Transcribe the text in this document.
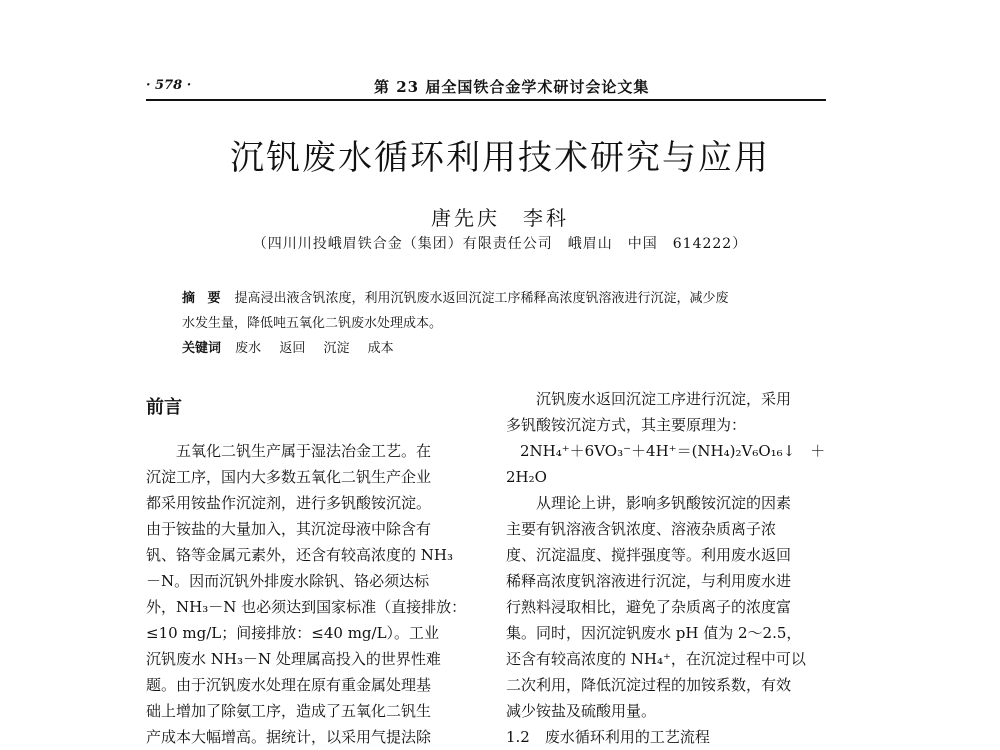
· 578 ·	第 23 届全国铁合金学术研讨会论文集
沉钒废水循环利用技术研究与应用
唐先庆　李科
（四川川投峨眉铁合金（集团）有限责任公司　峨眉山　中国　614222）
摘 要 提高浸出液含钒浓度，利用沉钒废水返回沉淀工序稀释高浓度钒溶液进行沉淀，减少废
水发生量，降低吨五氧化二钒废水处理成本。
关键词 废水 返回 沉淀 成本
前言
　　五氧化二钒生产属于湿法冶金工艺。在
沉淀工序，国内大多数五氧化二钒生产企业
都采用铵盐作沉淀剂，进行多钒酸铵沉淀。
由于铵盐的大量加入，其沉淀母液中除含有
钒、铬等金属元素外，还含有较高浓度的 NH₃
－N。因而沉钒外排废水除钒、铬必须达标
外，NH₃－N 也必须达到国家标准（直接排放：
≤10 mg/L；间接排放：≤40 mg/L）。工业
沉钒废水 NH₃－N 处理属高投入的世界性难
题。由于沉钒废水处理在原有重金属处理基
础上增加了除氨工序，造成了五氧化二钒生
产成本大幅增高。据统计，以采用气提法除
　　沉钒废水返回沉淀工序进行沉淀，采用
多钒酸铵沉淀方式，其主要原理为：
2NH₄⁺＋6VO₃⁻＋4H⁺＝(NH₄)₂V₆O₁₆↓　＋
2H₂O
　　从理论上讲，影响多钒酸铵沉淀的因素
主要有钒溶液含钒浓度、溶液杂质离子浓
度、沉淀温度、搅拌强度等。利用废水返回
稀释高浓度钒溶液进行沉淀，与利用废水进
行熟料浸取相比，避免了杂质离子的浓度富
集。同时，因沉淀钒废水 pH 值为 2～2.5，
还含有较高浓度的 NH₄⁺，在沉淀过程中可以
二次利用，降低沉淀过程的加铵系数，有效
减少铵盐及硫酸用量。
1.2　废水循环利用的工艺流程
